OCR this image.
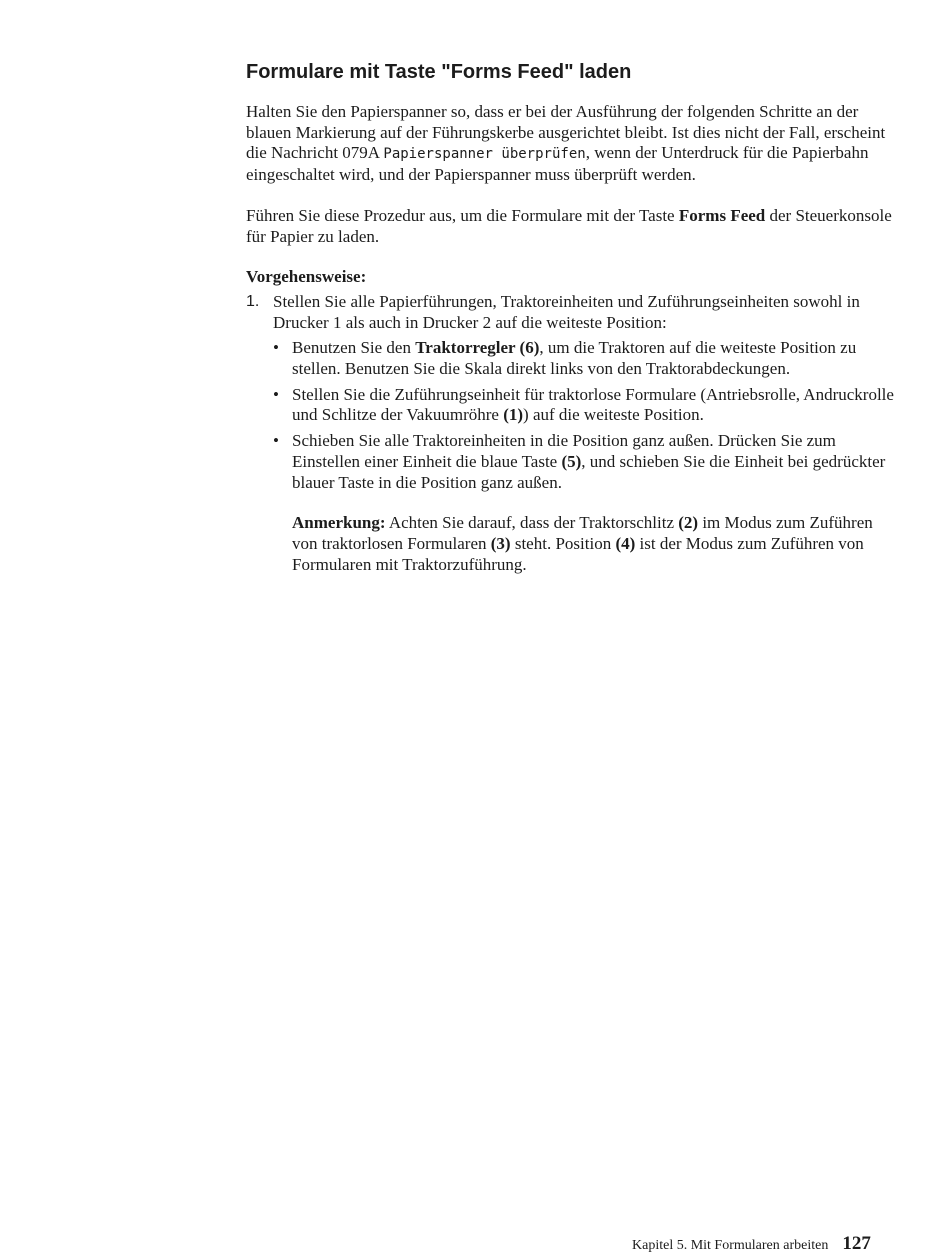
Formulare mit Taste "Forms Feed" laden

Halten Sie den Papierspanner so, dass er bei der Ausführung der folgenden Schritte an der blauen Markierung auf der Führungskerbe ausgerichtet bleibt. Ist dies nicht der Fall, erscheint die Nachricht 079A Papierspanner überprüfen, wenn der Unterdruck für die Papierbahn eingeschaltet wird, und der Papierspanner muss überprüft werden.

Führen Sie diese Prozedur aus, um die Formulare mit der Taste Forms Feed der Steuerkonsole für Papier zu laden.

Vorgehensweise:
1. Stellen Sie alle Papierführungen, Traktoreinheiten und Zuführungseinheiten sowohl in Drucker 1 als auch in Drucker 2 auf die weiteste Position:
• Benutzen Sie den Traktorregler (6), um die Traktoren auf die weiteste Position zu stellen. Benutzen Sie die Skala direkt links von den Traktorabdeckungen.
• Stellen Sie die Zuführungseinheit für traktorlose Formulare (Antriebsrolle, Andruckrolle und Schlitze der Vakuumröhre (1)) auf die weiteste Position.
• Schieben Sie alle Traktoreinheiten in die Position ganz außen. Drücken Sie zum Einstellen einer Einheit die blaue Taste (5), und schieben Sie die Einheit bei gedrückter blauer Taste in die Position ganz außen.
Anmerkung: Achten Sie darauf, dass der Traktorschlitz (2) im Modus zum Zuführen von traktorlosen Formularen (3) steht. Position (4) ist der Modus zum Zuführen von Formularen mit Traktorzuführung.
Kapitel 5. Mit Formularen arbeiten 127
